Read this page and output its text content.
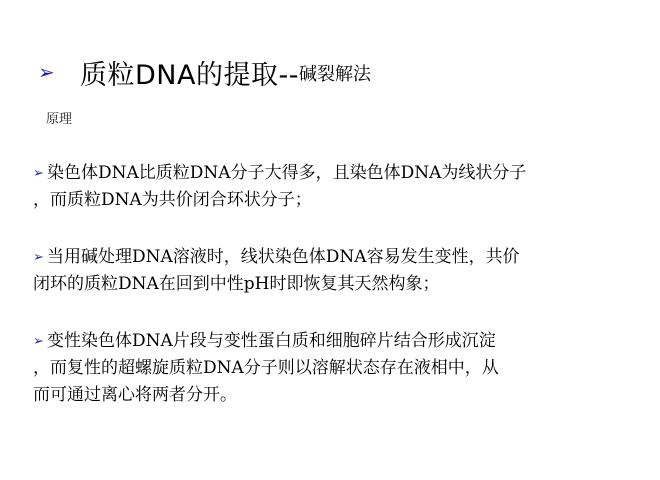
➢ 质粒DNA的提取-- 碱裂解法
原理
➢ 染色体DNA比质粒DNA分子大得多，且染色体DNA为线状分子
，而质粒DNA为共价闭合环状分子；
➢ 当用碱处理DNA溶液时，线状染色体DNA容易发生变性，共价
闭环的质粒DNA在回到中性pH时即恢复其天然构象；
➢ 变性染色体DNA片段与变性蛋白质和细胞碎片结合形成沉淀
，而复性的超螺旋质粒DNA分子则以溶解状态存在液相中，从
而可通过离心将两者分开。
